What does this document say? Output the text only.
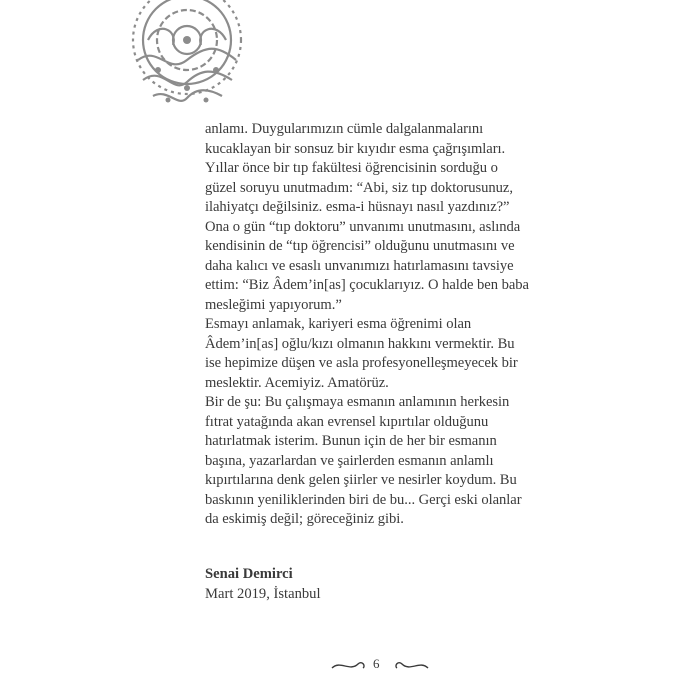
anlamı. Duygularımızın cümle dalgalanmalarını
kucaklayan bir sonsuz bir kıyıdır esma çağrışımları.
Yıllar önce bir tıp fakültesi öğrencisinin sorduğu o
güzel soruyu unutmadım: “Abi, siz tıp doktorusunuz,
ilahiyatçı değilsiniz. esma-i hüsnayı nasıl yazdınız?”
Ona o gün “tıp doktoru” unvanımı unutmasını, aslında
kendisinin de “tıp öğrencisi” olduğunu unutmasını ve
daha kalıcı ve esaslı unvanımızı hatırlamasını tavsiye
ettim: “Biz Âdem’in[as] çocuklarıyız. O halde ben baba
mesleğimi yapıyorum.”
Esmayı anlamak, kariyeri esma öğrenimi olan
Âdem’in[as] oğlu/kızı olmanın hakkını vermektir. Bu
ise hepimize düşen ve asla profesyonelleşmeyecek bir
meslektir. Acemiyiz. Amatörüz.
Bir de şu: Bu çalışmaya esmanın anlamının herkesin
fıtrat yatağında akan evrensel kıpırtılar olduğunu
hatırlatmak isterim. Bunun için de her bir esmanın
başına, yazarlardan ve şairlerden esmanın anlamlı
kıpırtılarına denk gelen şiirler ve nesirler koydum. Bu
baskının yeniliklerinden biri de bu... Gerçi eski olanlar
da eskimiş değil; göreceğiniz gibi.
Senai Demirci
Mart 2019, İstanbul
6
